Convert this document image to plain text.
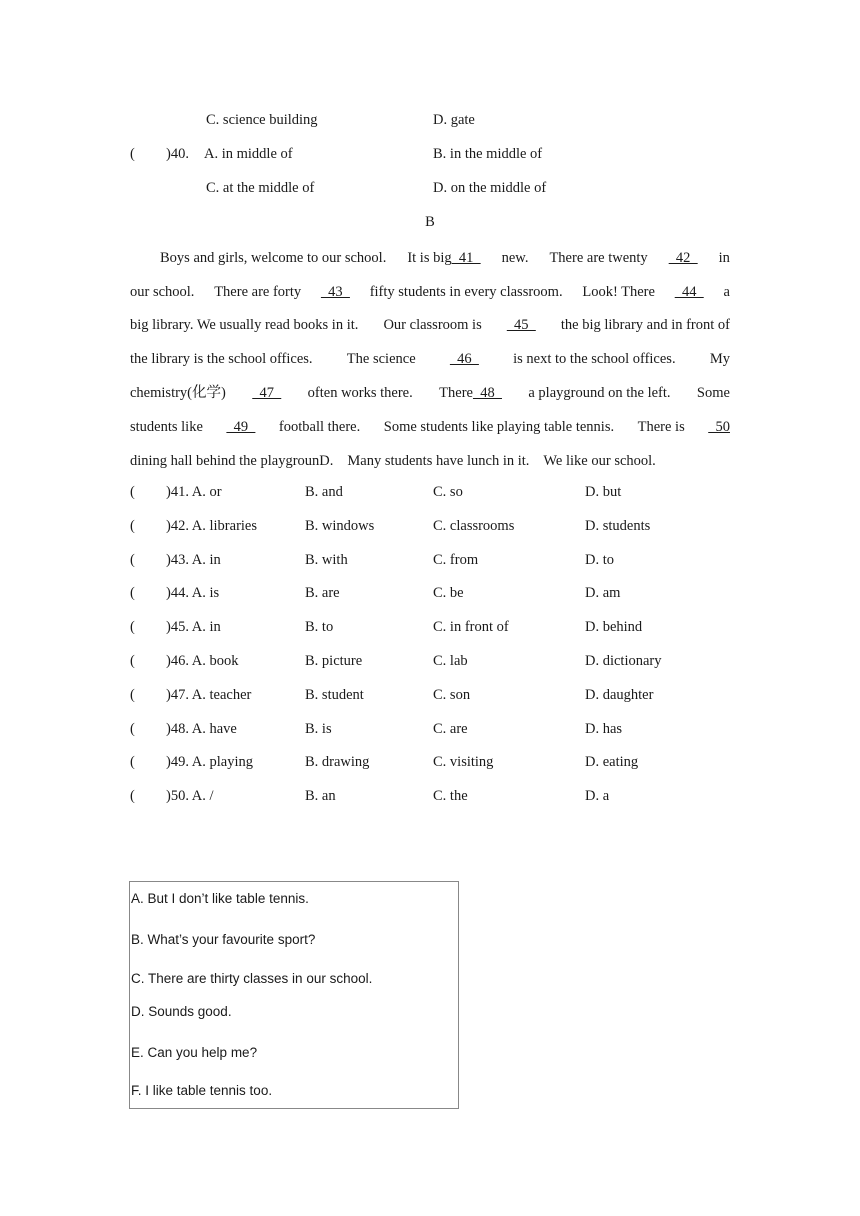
C. science building	D. gate
( )40. A. in middle of	B. in the middle of
C. at the middle of	D. on the middle of
B
Boys and girls, welcome to our school. It is big  41 new. There are twenty 42 in
our school. There are forty 43 fifty students in every classroom. Look! There 44 a
big library. We usually read books in it. Our classroom is 45 the big library and in front of
the library is the school offices. The science 46 is next to the school offices. My
chemistry(化学) 47 often works there. There  48 a playground on the left. Some
students like 49 football there. Some students like playing table tennis. There is 50
dining hall behind the playgrounD. Many students have lunch in it. We like our school.
( )41. A. or	B. and	C. so	D. but
( )42. A. libraries	B. windows	C. classrooms	D. students
( )43. A. in	B. with	C. from	D. to
( )44. A. is	B. are	C. be	D. am
( )45. A. in	B. to	C. in front of	D. behind
( )46. A. book	B. picture	C. lab	D. dictionary
( )47. A. teacher	B. student	C. son	D. daughter
( )48. A. have	B. is	C. are	D. has
( )49. A. playing	B. drawing	C. visiting	D. eating
( )50. A. /	B. an	C. the	D. a
A. But I don’t like table tennis.
B. What’s your favourite sport?
C. There are thirty classes in our school.
D. Sounds good.
E. Can you help me?
F. I like table tennis too.
